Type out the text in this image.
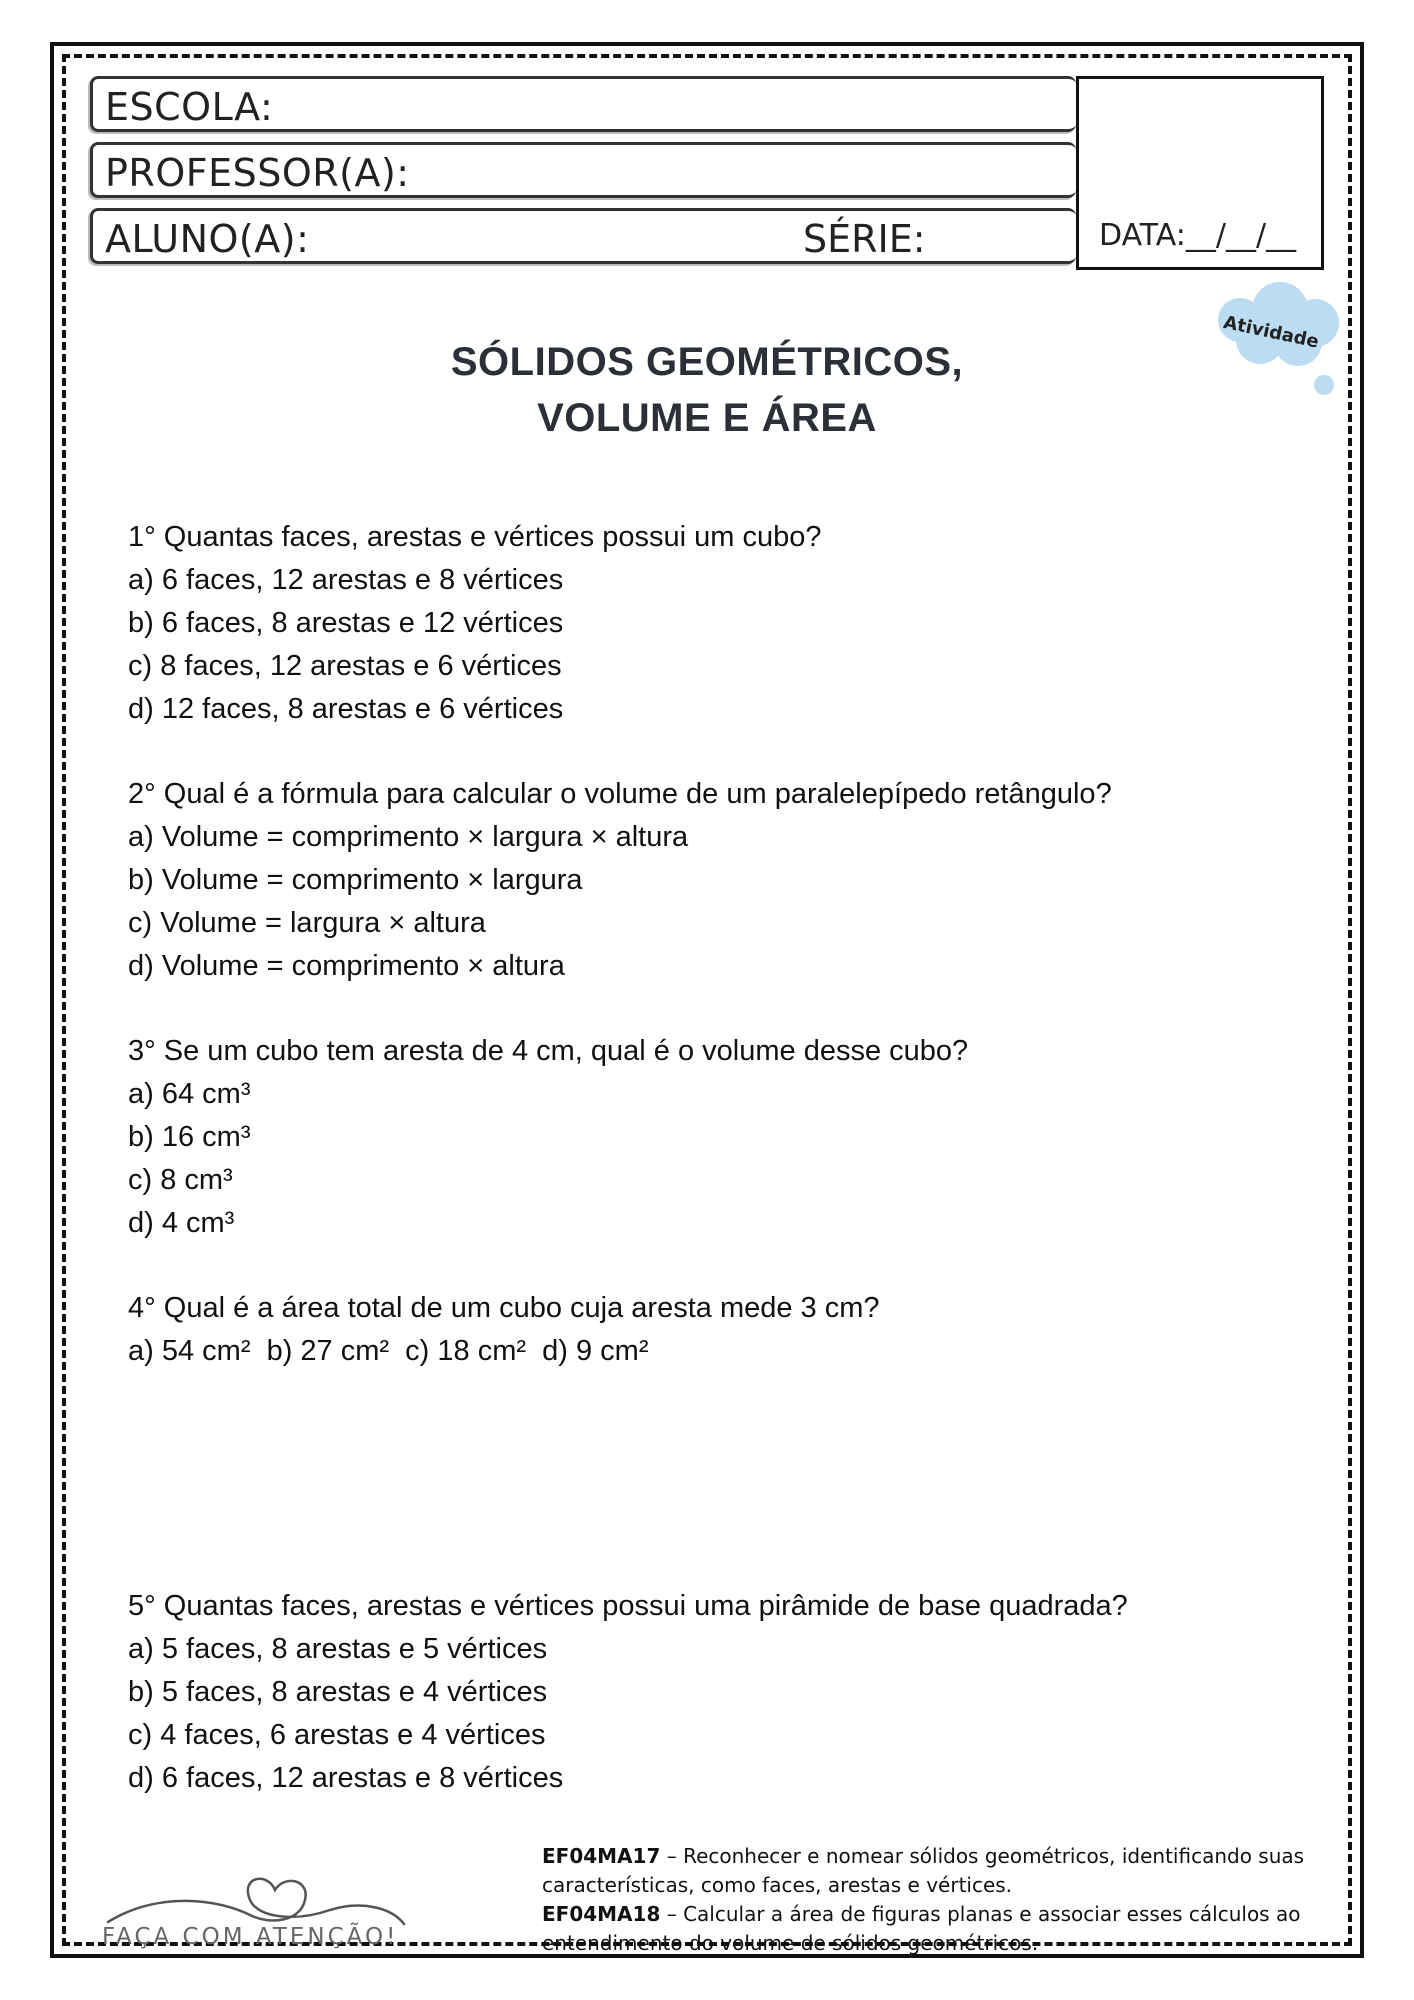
ESCOLA:
PROFESSOR(A):
ALUNO(A):	SÉRIE:	DATA:__/__/__
Atividade
SÓLIDOS GEOMÉTRICOS,
VOLUME E ÁREA
1° Quantas faces, arestas e vértices possui um cubo?
a) 6 faces, 12 arestas e 8 vértices
b) 6 faces, 8 arestas e 12 vértices
c) 8 faces, 12 arestas e 6 vértices
d) 12 faces, 8 arestas e 6 vértices
2° Qual é a fórmula para calcular o volume de um paralelepípedo retângulo?
a) Volume = comprimento × largura × altura
b) Volume = comprimento × largura
c) Volume = largura × altura
d) Volume = comprimento × altura
3° Se um cubo tem aresta de 4 cm, qual é o volume desse cubo?
a) 64 cm³
b) 16 cm³
c) 8 cm³
d) 4 cm³
4° Qual é a área total de um cubo cuja aresta mede 3 cm?
a) 54 cm²  b) 27 cm²  c) 18 cm²  d) 9 cm²
5° Quantas faces, arestas e vértices possui uma pirâmide de base quadrada?
a) 5 faces, 8 arestas e 5 vértices
b) 5 faces, 8 arestas e 4 vértices
c) 4 faces, 6 arestas e 4 vértices
d) 6 faces, 12 arestas e 8 vértices
FAÇA COM ATENÇÃO!
EF04MA17 – Reconhecer e nomear sólidos geométricos, identificando suas características, como faces, arestas e vértices.
EF04MA18 – Calcular a área de figuras planas e associar esses cálculos ao entendimento do volume de sólidos geométricos.
